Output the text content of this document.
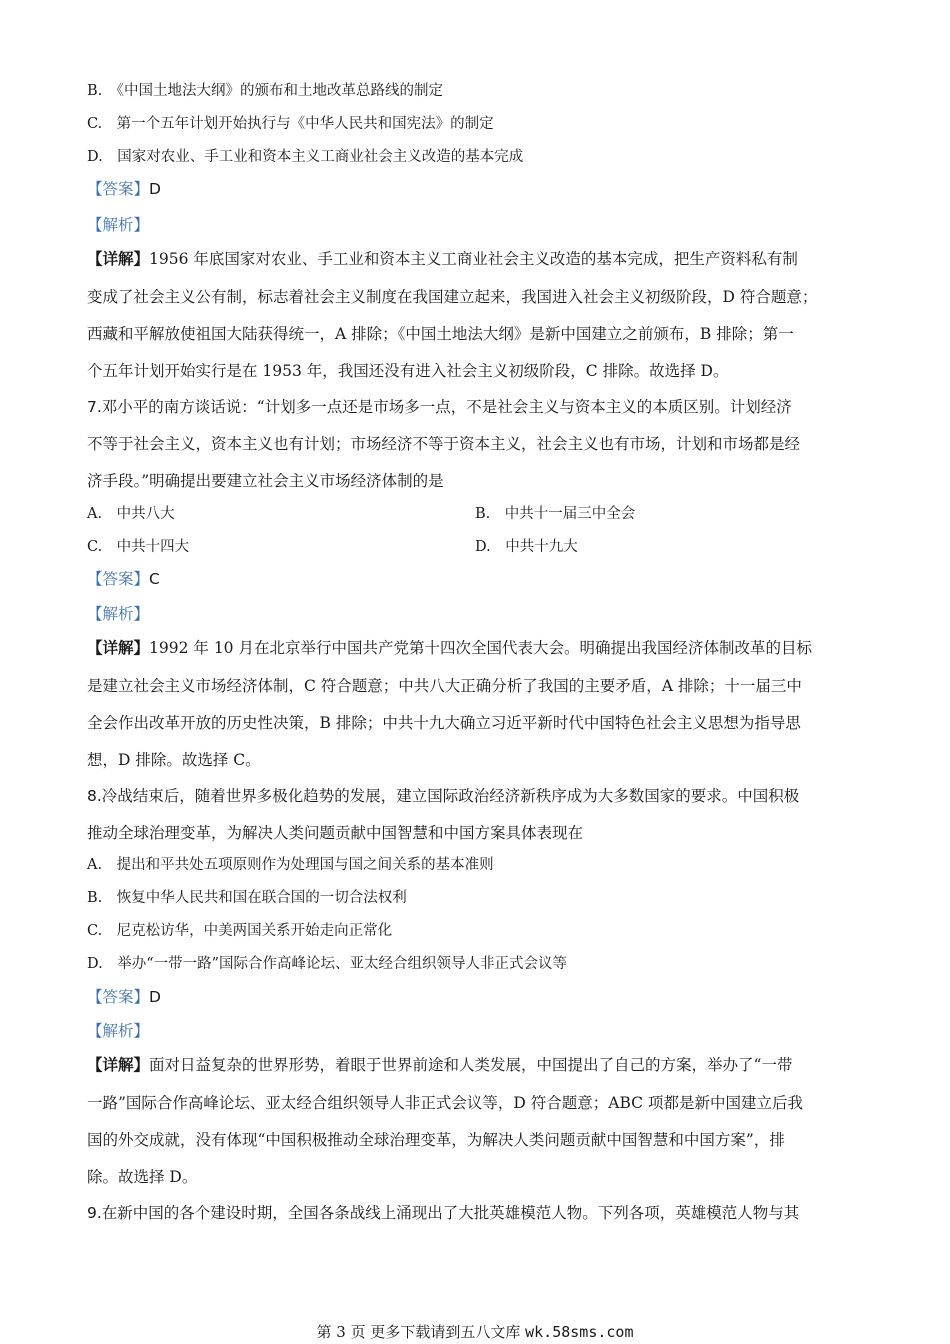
B.　《中国土地法大纲》的颁布和土地改革总路线的制定
C.　第一个五年计划开始执行与《中华人民共和国宪法》的制定
D.　国家对农业、手工业和资本主义工商业社会主义改造的基本完成
【答案】D
【解析】
【详解】1956 年底国家对农业、手工业和资本主义工商业社会主义改造的基本完成，把生产资料私有制
变成了社会主义公有制，标志着社会主义制度在我国建立起来，我国进入社会主义初级阶段，D 符合题意；
西藏和平解放使祖国大陆获得统一，A 排除；《中国土地法大纲》是新中国建立之前颁布，B 排除；第一
个五年计划开始实行是在 1953 年，我国还没有进入社会主义初级阶段，C 排除。故选择 D。
7.邓小平的南方谈话说：“计划多一点还是市场多一点，不是社会主义与资本主义的本质区别。计划经济
不等于社会主义，资本主义也有计划；市场经济不等于资本主义，社会主义也有市场，计划和市场都是经
济手段。”明确提出要建立社会主义市场经济体制的是
A.　中共八大	B.　中共十一届三中全会
C.　中共十四大	D.　中共十九大
【答案】C
【解析】
【详解】1992 年 10 月在北京举行中国共产党第十四次全国代表大会。明确提出我国经济体制改革的目标
是建立社会主义市场经济体制，C 符合题意；中共八大正确分析了我国的主要矛盾，A 排除；十一届三中
全会作出改革开放的历史性决策，B 排除；中共十九大确立习近平新时代中国特色社会主义思想为指导思
想，D 排除。故选择 C。
8.冷战结束后，随着世界多极化趋势的发展，建立国际政治经济新秩序成为大多数国家的要求。中国积极
推动全球治理变革，为解决人类问题贡献中国智慧和中国方案具体表现在
A.　提出和平共处五项原则作为处理国与国之间关系的基本准则
B.　恢复中华人民共和国在联合国的一切合法权利
C.　尼克松访华，中美两国关系开始走向正常化
D.　举办“一带一路”国际合作高峰论坛、亚太经合组织领导人非正式会议等
【答案】D
【解析】
【详解】面对日益复杂的世界形势，着眼于世界前途和人类发展，中国提出了自己的方案，举办了“一带
一路”国际合作高峰论坛、亚太经合组织领导人非正式会议等，D 符合题意；ABC 项都是新中国建立后我
国的外交成就，没有体现“中国积极推动全球治理变革，为解决人类问题贡献中国智慧和中国方案”，排
除。故选择 D。
9.在新中国的各个建设时期，全国各条战线上涌现出了大批英雄模范人物。下列各项，英雄模范人物与其
第 3 页 更多下载请到五八文库 wk.58sms.com
